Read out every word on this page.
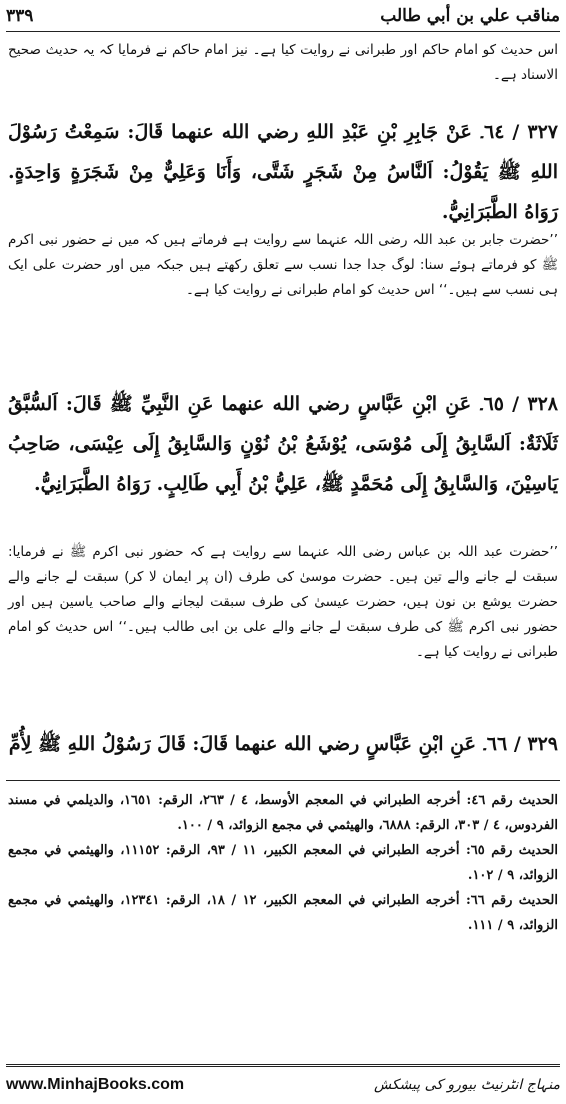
مناقب علي بن أبي طالب
۳۳۹
اس حدیث کو امام حاکم اور طبرانی نے روایت کیا ہے۔ نیز امام حاکم نے فرمایا کہ یہ حدیث صحیح الاسناد ہے۔
۳۲۷ / ٦٤۔ عَنْ جَابِرِ بْنِ عَبْدِ اللهِ رضي الله عنهما قَالَ: سَمِعْتُ رَسُوْلَ اللهِ ﷺ يَقُوْلُ: اَلنَّاسُ مِنْ شَجَرٍ شَتَّى، وَأَنَا وَعَلِيٌّ مِنْ شَجَرَةٍ وَاحِدَةٍ. رَوَاهُ الطَّبَرَانِيُّ.
’’حضرت جابر بن عبد اللہ رضی اللہ عنہما سے روایت ہے فرماتے ہیں کہ میں نے حضور نبی اکرم ﷺ کو فرماتے ہوئے سنا: لوگ جدا جدا نسب سے تعلق رکھتے ہیں جبکہ میں اور حضرت علی ایک ہی نسب سے ہیں۔‘‘ اس حدیث کو امام طبرانی نے روایت کیا ہے۔
۳۲۸ / ٦٥۔ عَنِ ابْنِ عَبَّاسٍ رضي الله عنهما عَنِ النَّبِيِّ ﷺ قَالَ: اَلسُّبَّقُ ثَلَاثَةٌ: اَلسَّابِقُ إِلَى مُوْسَى، يُوْشَعُ بْنُ نُوْنٍ وَالسَّابِقُ إِلَى عِيْسَى، صَاحِبُ يَاسِيْنَ، وَالسَّابِقُ إِلَى مُحَمَّدٍ ﷺ، عَلِيُّ بْنُ أَبِي طَالِبٍ. رَوَاهُ الطَّبَرَانِيُّ.
’’حضرت عبد اللہ بن عباس رضی اللہ عنہما سے روایت ہے کہ حضور نبی اکرم ﷺ نے فرمایا: سبقت لے جانے والے تین ہیں۔ حضرت موسیٰ کی طرف (ان پر ایمان لا کر) سبقت لے جانے والے حضرت یوشع بن نون ہیں، حضرت عیسیٰ کی طرف سبقت لیجانے والے صاحب یاسین ہیں اور حضور نبی اکرم ﷺ کی طرف سبقت لے جانے والے علی بن ابی طالب ہیں۔‘‘ اس حدیث کو امام طبرانی نے روایت کیا ہے۔
۳۲۹ / ٦٦۔ عَنِ ابْنِ عَبَّاسٍ رضي الله عنهما قَالَ: قَالَ رَسُوْلُ اللهِ ﷺ لِأُمِّ
الحديث رقم ٤٦: أخرجه الطبراني في المعجم الأوسط، ٤ / ٢٦٣، الرقم: ١٦٥١، والديلمي في مسند الفردوس، ٤ / ٣٠٣، الرقم: ٦٨٨٨، والهيثمي في مجمع الزوائد، ٩ / ١٠٠.
الحديث رقم ٦٥: أخرجه الطبراني في المعجم الكبير، ١١ / ٩٣، الرقم: ١١١٥٢، والهيثمي في مجمع الزوائد، ٩ / ١٠٢.
الحديث رقم ٦٦: أخرجه الطبراني في المعجم الكبير، ١٢ / ١٨، الرقم: ١٢٣٤١، والهيثمي في مجمع الزوائد، ٩ / ١١١.
www.MinhajBooks.com	منہاج انٹرنیٹ بیورو کی پیشکش
